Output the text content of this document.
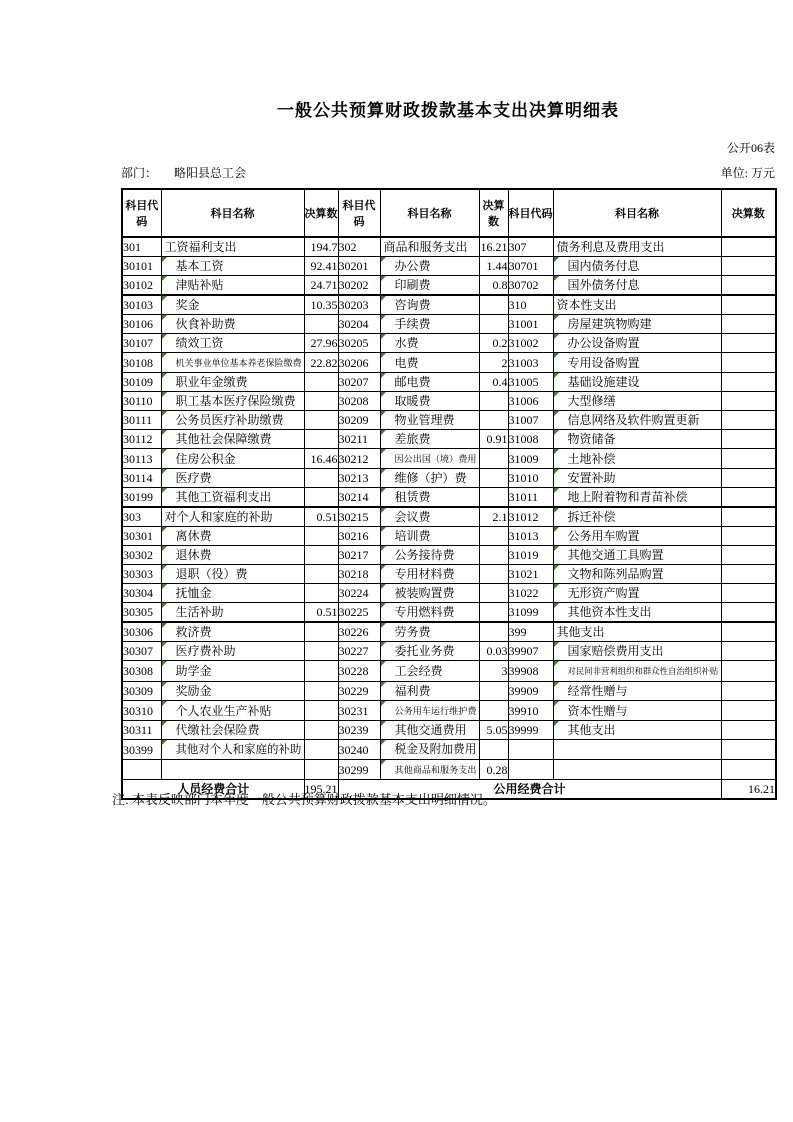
一般公共预算财政拨款基本支出决算明细表
公开06表
部门： 略阳县总工会	单位: 万元
科目代码	科目名称	决算数	科目代码	科目名称	决算数	科目代码	科目名称	决算数
301	工资福利支出	194.7	302	商品和服务支出	16.21	307	债务利息及费用支出	
30101	基本工资	92.41	30201	办公费	1.44	30701	国内债务付息	
30102	津贴补贴	24.71	30202	印刷费	0.8	30702	国外债务付息	
30103	奖金	10.35	30203	咨询费		310	资本性支出	
30106	伙食补助费		30204	手续费		31001	房屋建筑物购建	
30107	绩效工资	27.96	30205	水费	0.2	31002	办公设备购置	
30108	机关事业单位基本养老保险缴费	22.82	30206	电费	2	31003	专用设备购置	
30109	职业年金缴费		30207	邮电费	0.4	31005	基础设施建设	
30110	职工基本医疗保险缴费		30208	取暖费		31006	大型修缮	
30111	公务员医疗补助缴费		30209	物业管理费		31007	信息网络及软件购置更新	
30112	其他社会保障缴费		30211	差旅费	0.91	31008	物资储备	
30113	住房公积金	16.46	30212	因公出国（境）费用		31009	土地补偿	
30114	医疗费		30213	维修（护）费		31010	安置补助	
30199	其他工资福利支出		30214	租赁费		31011	地上附着物和青苗补偿	
303	对个人和家庭的补助	0.51	30215	会议费	2.1	31012	拆迁补偿	
30301	离休费		30216	培训费		31013	公务用车购置	
30302	退休费		30217	公务接待费		31019	其他交通工具购置	
30303	退职（役）费		30218	专用材料费		31021	文物和陈列品购置	
30304	抚恤金		30224	被装购置费		31022	无形资产购置	
30305	生活补助	0.51	30225	专用燃料费		31099	其他资本性支出	
30306	救济费		30226	劳务费		399	其他支出	
30307	医疗费补助		30227	委托业务费	0.03	39907	国家赔偿费用支出	
30308	助学金		30228	工会经费	3	39908	对民间非营利组织和群众性自治组织补贴	
30309	奖励金		30229	福利费		39909	经常性赠与	
30310	个人农业生产补贴		30231	公务用车运行维护费		39910	资本性赠与	
30311	代缴社会保险费		30239	其他交通费用	5.05	39999	其他支出	
30399	其他对个人和家庭的补助		30240	税金及附加费用				
			30299	其他商品和服务支出	0.28			
人员经费合计		195.21	公用经费合计					16.21
注: 本表反映部门本年度一般公共预算财政拨款基本支出明细情况。
